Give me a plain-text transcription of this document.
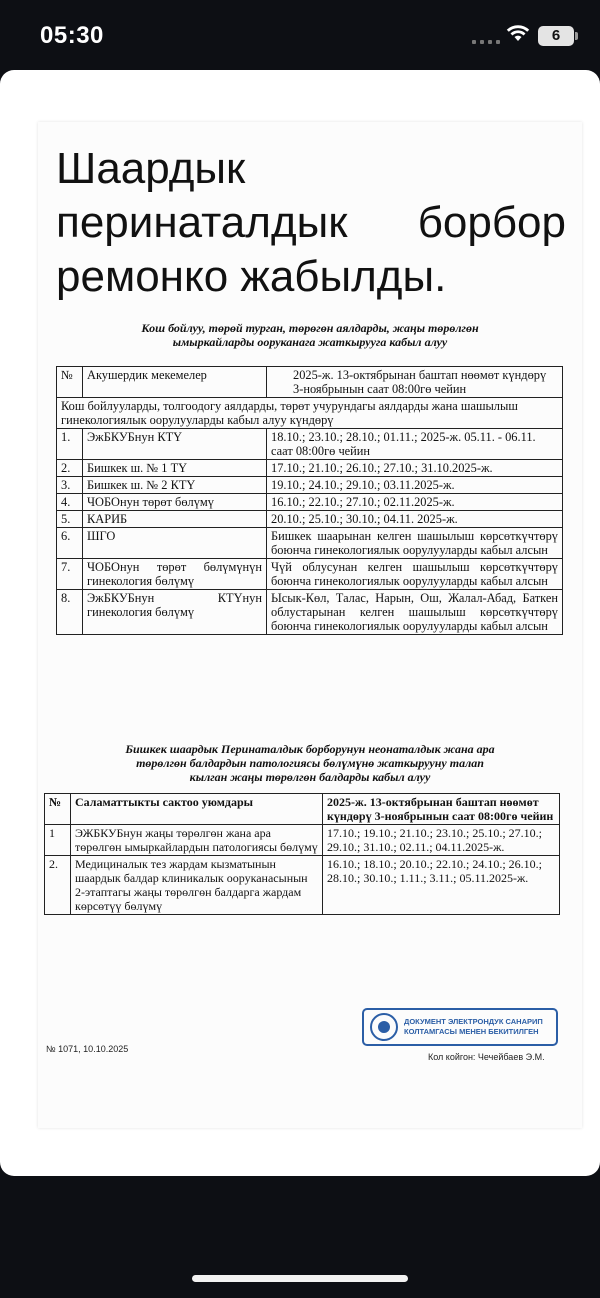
05:30	6
Шаардык
перинаталдык борбор
ремонко жабылды.
Кош бойлуу, төрөй турган, төрөгөн аялдарды, жаңы төрөлгөн
ымыркайларды ооруканага жаткырууга кабыл алуу
№	Акушердик мекемелер	2025-ж. 13-октябрынан баштап нөөмөт күндөрү 3-ноябрынын саат 08:00гө чейин
Кош бойлууларды, толгоодогу аялдарды, төрөт учурундагы аялдарды жана шашылыш гинекологиялык оорулууларды кабыл алуу күндөрү		
1.	ЭжБКУБнун КТҮ	18.10.; 23.10.; 28.10.; 01.11.; 2025-ж. 05.11. - 06.11. саат 08:00гө чейин
2.	Бишкек ш. № 1 ТҮ	17.10.; 21.10.; 26.10.; 27.10.; 31.10.2025-ж.
3.	Бишкек ш. № 2 КТҮ	19.10.; 24.10.; 29.10.; 03.11.2025-ж.
4.	ЧОБОнун төрөт бөлүмү	16.10.; 22.10.; 27.10.; 02.11.2025-ж.
5.	КАРИБ	20.10.; 25.10.; 30.10.; 04.11. 2025-ж.
6.	ШГО	Бишкек шаарынан келген шашылыш көрсөткүчтөрү боюнча гинекологиялык оорулууларды кабыл алсын
7.	ЧОБОнун төрөт бөлүмүнүн гинекология бөлүмү	Чүй облусунан келген шашылыш көрсөткүчтөрү боюнча гинекологиялык оорулууларды кабыл алсын
8.	ЭжБКУБнун КТҮнун гинекология бөлүмү	Ысык-Көл, Талас, Нарын, Ош, Жалал-Абад, Баткен облустарынан келген шашылыш көрсөткүчтөрү боюнча гинекологиялык оорулууларды кабыл алсын
Бишкек шаардык Перинаталдык борборунун неонаталдык жана ара
төрөлгөн балдардын патологиясы бөлүмүнө жаткырууну талап
кылган жаңы төрөлгөн балдарды кабыл алуу
№	Саламаттыкты сактоо уюмдары	2025-ж. 13-октябрынан баштап нөөмөт күндөрү 3-ноябрынын саат 08:00гө чейин
1	ЭЖБКУБнун жаңы төрөлгөн жана ара төрөлгөн ымыркайлардын патологиясы бөлүмү	17.10.; 19.10.; 21.10.; 23.10.; 25.10.; 27.10.; 29.10.; 31.10.; 02.11.; 04.11.2025-ж.
2.	Медициналык тез жардам кызматынын шаардык балдар клиникалык ооруканасынын 2-этаптагы жаңы төрөлгөн балдарга жардам көрсөтүү бөлүмү	16.10.; 18.10.; 20.10.; 22.10.; 24.10.; 26.10.; 28.10.; 30.10.; 1.11.; 3.11.; 05.11.2025-ж.
ДОКУМЕНТ ЭЛЕКТРОНДУК САНАРИП
КОЛТАМГАСЫ МЕНЕН БЕКИТИЛГЕН
№ 1071, 10.10.2025
Кол койгон: Чечейбаев Э.М.
